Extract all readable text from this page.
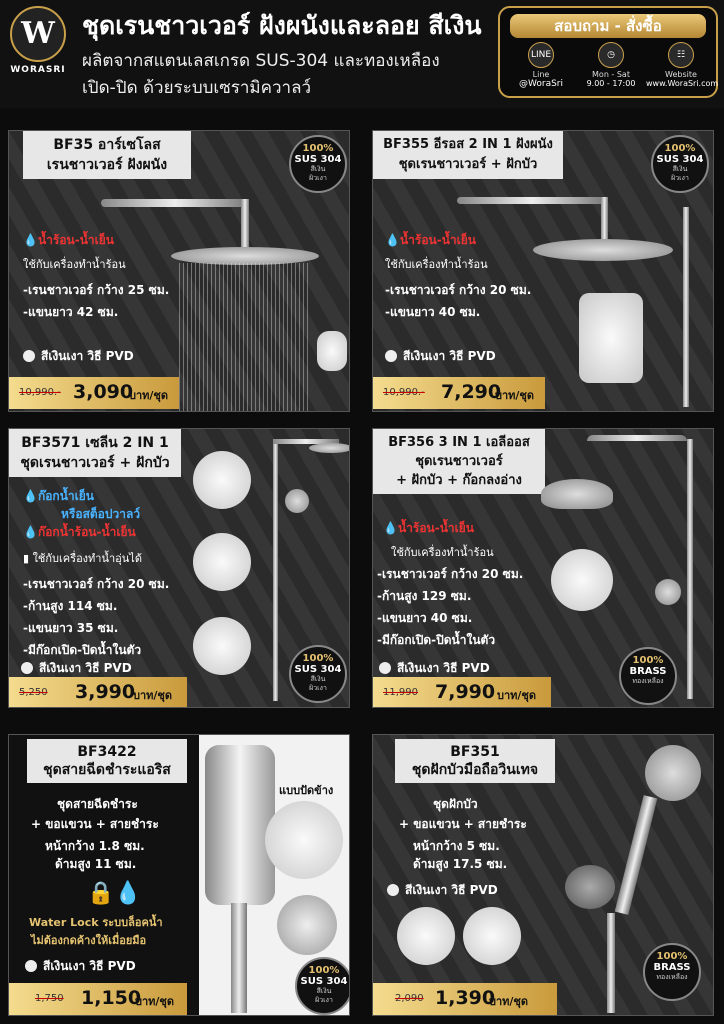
W
WORASRI
ชุดเรนชาวเวอร์ ฝังผนังและลอย สีเงิน
ผลิตจากสแตนเลสเกรด SUS-304 และทองเหลือง
เปิด-ปิด ด้วยระบบเซรามิควาลว์
สอบถาม - สั่งซื้อ
LINE
Line
@WoraSri
◷
Mon - Sat
9.00 - 17:00
☷
Website
www.WoraSri.com
BF35 อาร์เซโลส
เรนชาวเวอร์ ฝังผนัง
100%
SUS 304
สีเงิน
ผิวเงา
💧น้ำร้อน-น้ำเย็น
ใช้กับเครื่องทำน้ำร้อน
-เรนชาวเวอร์ กว้าง 25 ซม.
-แขนยาว 42 ซม.
สีเงินเงา วิธี PVD
10,990.- 3,090
บาท/ชุด
BF355 อีรอส 2 IN 1 ฝังผนัง
ชุดเรนชาวเวอร์ + ฝักบัว
100%
SUS 304
สีเงิน
ผิวเงา
💧น้ำร้อน-น้ำเย็น
ใช้กับเครื่องทำน้ำร้อน
-เรนชาวเวอร์ กว้าง 20 ซม.
-แขนยาว 40 ซม.
สีเงินเงา วิธี PVD
10,990.- 7,290
บาท/ชุด
BF3571 เซลีน 2 IN 1
ชุดเรนชาวเวอร์ + ฝักบัว
100%
SUS 304
สีเงิน
ผิวเงา
💧ก๊อกน้ำเย็น
หรือสต็อปวาลว์
💧ก๊อกน้ำร้อน-น้ำเย็น
▮ ใช้กับเครื่องทำน้ำอุ่นได้
-เรนชาวเวอร์ กว้าง 20 ซม.
-ก้านสูง 114 ซม.
-แขนยาว 35 ซม.
-มีก๊อกเปิด-ปิดน้ำในตัว
สีเงินเงา วิธี PVD
5,250 3,990
บาท/ชุด
BF356 3 IN 1 เอลีออส
ชุดเรนชาวเวอร์
+ ฝักบัว + ก๊อกลงอ่าง
100%
BRASS
ทองเหลือง
💧น้ำร้อน-น้ำเย็น
ใช้กับเครื่องทำน้ำร้อน
-เรนชาวเวอร์ กว้าง 20 ซม.
-ก้านสูง 129 ซม.
-แขนยาว 40 ซม.
-มีก๊อกเปิด-ปิดน้ำในตัว
สีเงินเงา วิธี PVD
11,990 7,990 บาท/ชุด
BF3422
ชุดสายฉีดชำระแอริส
แบบปัดข้าง
100%
SUS 304
สีเงิน
ผิวเงา
ชุดสายฉีดชำระ
+ ขอแขวน + สายชำระ
หน้ากว้าง 1.8 ซม.
ด้ามสูง 11 ซม.
🔒💧
Water Lock ระบบล็อคน้ำ
ไม่ต้องกดค้างให้เมื่อยมือ
สีเงินเงา วิธี PVD
1,750 1,150
บาท/ชุด
BF351
ชุดฝักบัวมือถือวินเทจ
100%
BRASS
ทองเหลือง
ชุดฝักบัว
+ ขอแขวน + สายชำระ
หน้ากว้าง 5 ซม.
ด้ามสูง 17.5 ซม.
สีเงินเงา วิธี PVD
2,090 1,390
บาท/ชุด
